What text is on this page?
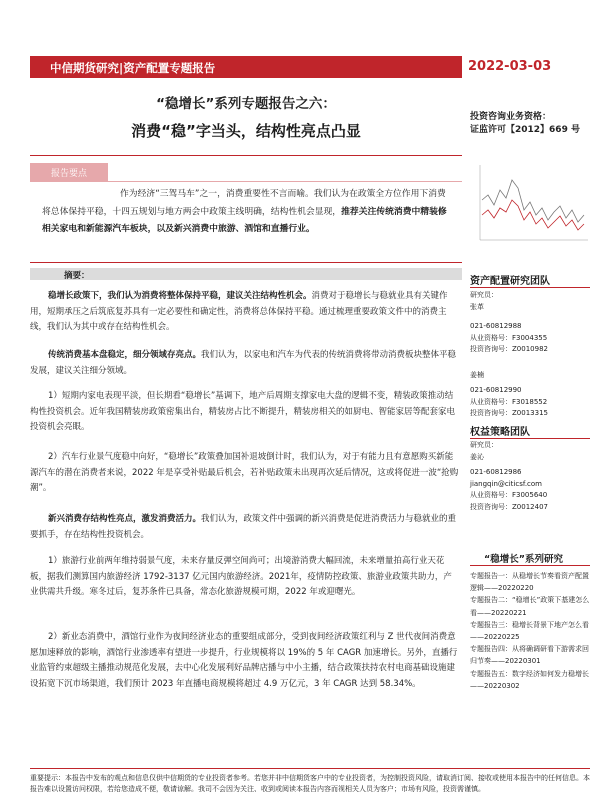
中信期货研究|资产配置专题报告	2022-03-03
“稳增长”系列专题报告之六：
消费“稳”字当头，结构性亮点凸显
投资咨询业务资格：
证监许可【2012】669 号
报告要点
作为经济“三驾马车”之一，消费重要性不言而喻。我们认为在政策全方位作用下消费将总体保持平稳，十四五规划与地方两会中政策主线明确，结构性机会显现，推荐关注传统消费中精装修相关家电和新能源汽车板块，以及新兴消费中旅游、酒馆和直播行业。
摘要：
稳增长政策下，我们认为消费将整体保持平稳，建议关注结构性机会。消费对于稳增长与稳就业具有关键作用，短期承压之后筑底复苏具有一定必要性和确定性，消费将总体保持平稳。通过梳理重要政策文件中的消费主线，我们认为其中或存在结构性机会。
传统消费基本盘稳定，细分领域存亮点。我们认为，以家电和汽车为代表的传统消费将带动消费板块整体平稳发展，建议关注细分领域。
1）短期内家电表现平淡，但长期看“稳增长”基调下，地产后周期支撑家电大盘的逻辑不变，精装政策推动结构性投资机会。近年我国精装房政策密集出台，精装房占比不断提升，精装房相关的如厨电、智能家居等配套家电投资机会亮眼。
2）汽车行业景气度稳中向好，“稳增长”政策叠加国补退坡倒计时，我们认为，对于有能力且有意愿购买新能源汽车的潜在消费者来说，2022 年是享受补贴最后机会，若补贴政策未出现再次延后情况，这或将促进一波“抢购潮”。
新兴消费存结构性亮点，激发消费活力。我们认为，政策文件中强调的新兴消费是促进消费活力与稳就业的重要抓手，存在结构性投资机会。
1）旅游行业前两年维持弱景气度，未来存量反弹空间尚可；出境游消费大幅回流，未来增量拍高行业天花板，据我们测算国内旅游经济 1792-3137 亿元国内旅游经济。2021年，疫情防控政策、旅游业政策共助力，产业供需共升级。寒冬过后，复苏条件已具备，常态化旅游规模可期，2022 年或迎曙光。
2）新业态消费中，酒馆行业作为夜间经济业态的重要组成部分，受到夜间经济政策红利与 Z 世代夜间消费意愿加速释放的影响，酒馆行业渗透率有望进一步提升，行业规模将以 19%的 5 年 CAGR 加速增长。另外，直播行业监管约束超级主播推动规范化发展，去中心化发展利好品牌店播与中小主播，结合政策扶持农村电商基础设施建设拓宽下沉市场渠道，我们预计 2023 年直播电商规模将超过 4.9 万亿元，3 年 CAGR 达到 58.34%。
资产配置研究团队
研究员：
张革
021-60812988
从业资格号：F3004355
投资咨询号：Z0010982
姜楠
021-60812990
从业资格号：F3018552
投资咨询号：Z0013315
权益策略团队
研究员：
姜沁
021-60812986
jiangqin@citicsf.com
从业资格号：F3005640
投资咨询号：Z0012407
“稳增长”系列研究
专题报告一：从稳增长节奏看资产配置逻辑——20220220
专题报告二：“稳增长”政策下基建怎么看——20220221
专题报告三：稳增长背景下地产怎么看——20220225
专题报告四：从将确调研看下游需求回归节奏——20220301
专题报告五：数字经济如何发力稳增长——20220302
重要提示：本报告中发布的观点和信息仅供中信期货的专业投资者参考。若您并非中信期货客户中的专业投资者，为控制投资风险，请取消订阅、接收或使用本报告中的任何信息。本报告难以设置访问权限，若给您造成不便，敬请谅解。我司不会因为关注、收到或阅读本报告内容而视相关人员为客户；市场有风险，投资需谨慎。
